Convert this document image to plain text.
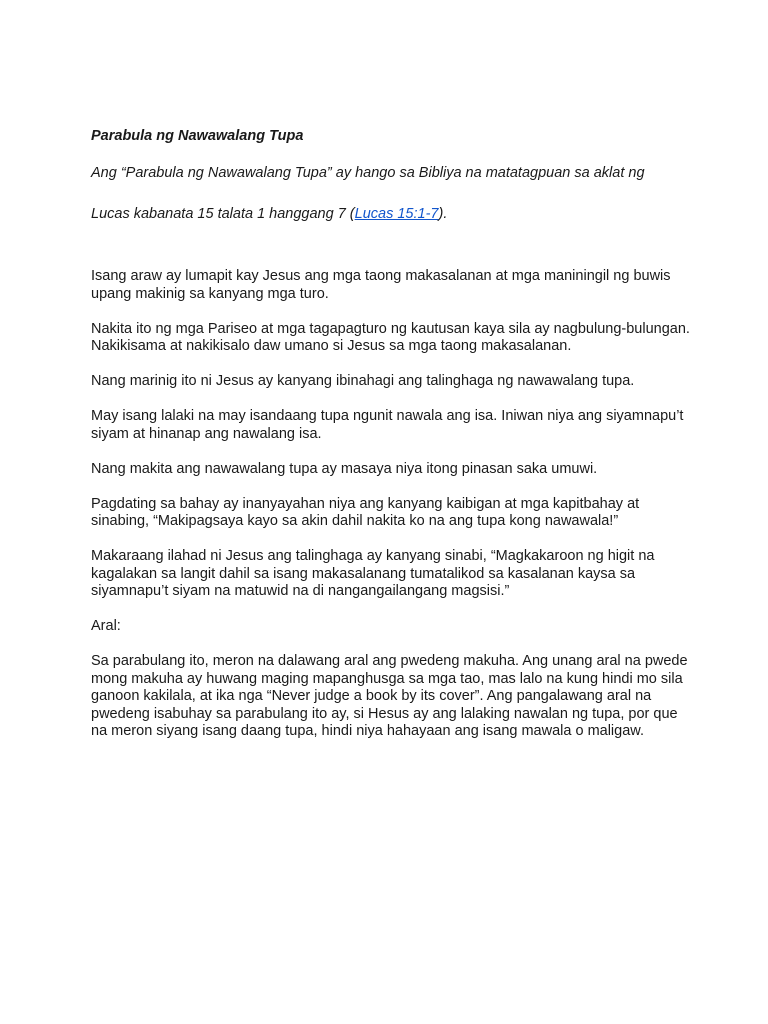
Parabula ng Nawawalang Tupa

Ang “Parabula ng Nawawalang Tupa” ay hango sa Bibliya na matatagpuan sa aklat ng

Lucas kabanata 15 talata 1 hanggang 7 (Lucas 15:1-7).

Isang araw ay lumapit kay Jesus ang mga taong makasalanan at mga maniningil ng buwis upang makinig sa kanyang mga turo.

Nakita ito ng mga Pariseo at mga tagapagturo ng kautusan kaya sila ay nagbulung-bulungan. Nakikisama at nakikisalo daw umano si Jesus sa mga taong makasalanan.

Nang marinig ito ni Jesus ay kanyang ibinahagi ang talinghaga ng nawawalang tupa.

May isang lalaki na may isandaang tupa ngunit nawala ang isa. Iniwan niya ang siyamnapu’t siyam at hinanap ang nawalang isa.

Nang makita ang nawawalang tupa ay masaya niya itong pinasan saka umuwi.

Pagdating sa bahay ay inanyayahan niya ang kanyang kaibigan at mga kapitbahay at sinabing, “Makipagsaya kayo sa akin dahil nakita ko na ang tupa kong nawawala!”

Makaraang ilahad ni Jesus ang talinghaga ay kanyang sinabi, “Magkakaroon ng higit na kagalakan sa langit dahil sa isang makasalanang tumatalikod sa kasalanan kaysa sa siyamnapu’t siyam na matuwid na di nangangailangang magsisi.”

Aral:

Sa parabulang ito, meron na dalawang aral ang pwedeng makuha. Ang unang aral na pwede mong makuha ay huwang maging mapanghusga sa mga tao, mas lalo na kung hindi mo sila ganoon kakilala, at ika nga “Never judge a book by its cover”. Ang pangalawang aral na pwedeng isabuhay sa parabulang ito ay, si Hesus ay ang lalaking nawalan ng tupa, por que na meron siyang isang daang tupa, hindi niya hahayaan ang isang mawala o maligaw.
